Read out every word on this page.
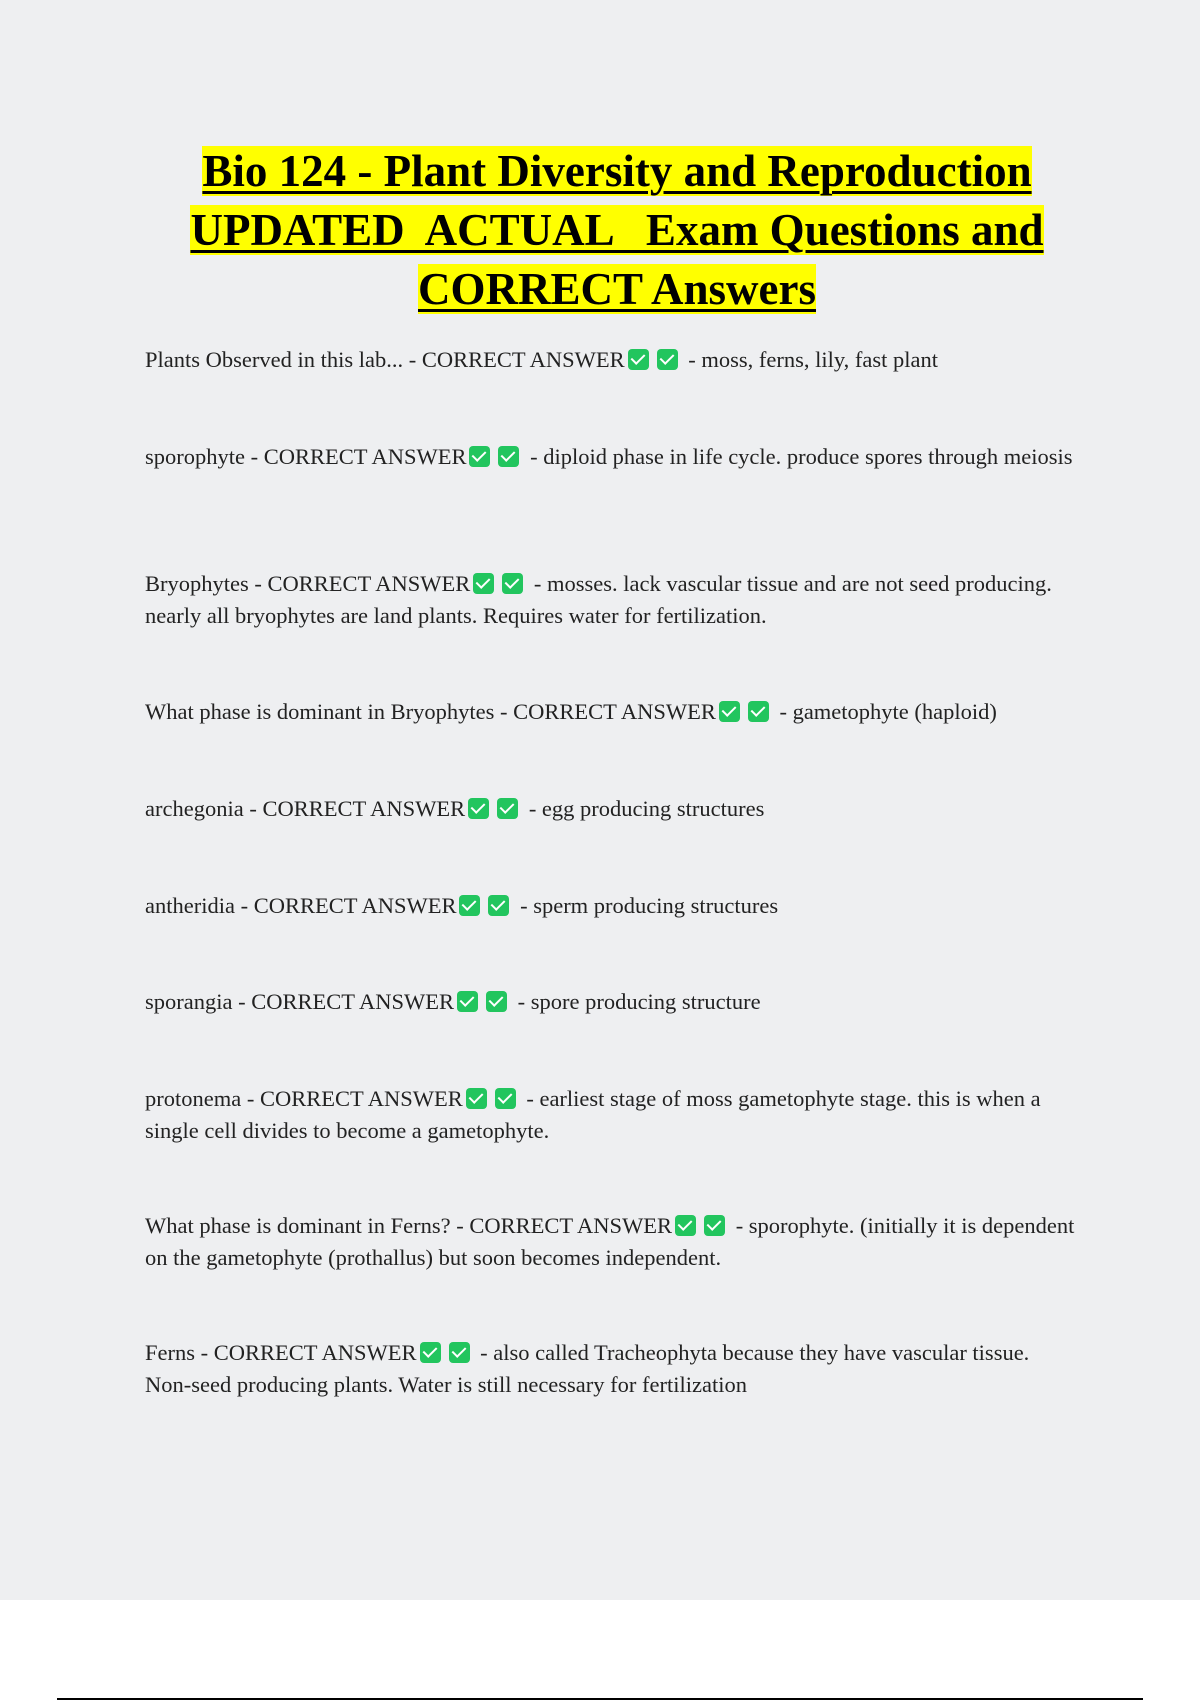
Bio 124 - Plant Diversity and Reproduction
UPDATED  ACTUAL   Exam Questions and
CORRECT Answers
Plants Observed in this lab... - CORRECT ANSWER	- moss, ferns, lily, fast plant
sporophyte - CORRECT ANSWER	- diploid phase in life cycle. produce spores through meiosis
Bryophytes - CORRECT ANSWER	- mosses. lack vascular tissue and are not seed producing. nearly all bryophytes are land plants. Requires water for fertilization.
What phase is dominant in Bryophytes - CORRECT ANSWER	- gametophyte (haploid)
archegonia - CORRECT ANSWER	- egg producing structures
antheridia - CORRECT ANSWER	- sperm producing structures
sporangia - CORRECT ANSWER	- spore producing structure
protonema - CORRECT ANSWER	- earliest stage of moss gametophyte stage. this is when a single cell divides to become a gametophyte.
What phase is dominant in Ferns? - CORRECT ANSWER	- sporophyte. (initially it is dependent on the gametophyte (prothallus) but soon becomes independent.
Ferns - CORRECT ANSWER	- also called Tracheophyta because they have vascular tissue. Non-seed producing plants. Water is still necessary for fertilization
